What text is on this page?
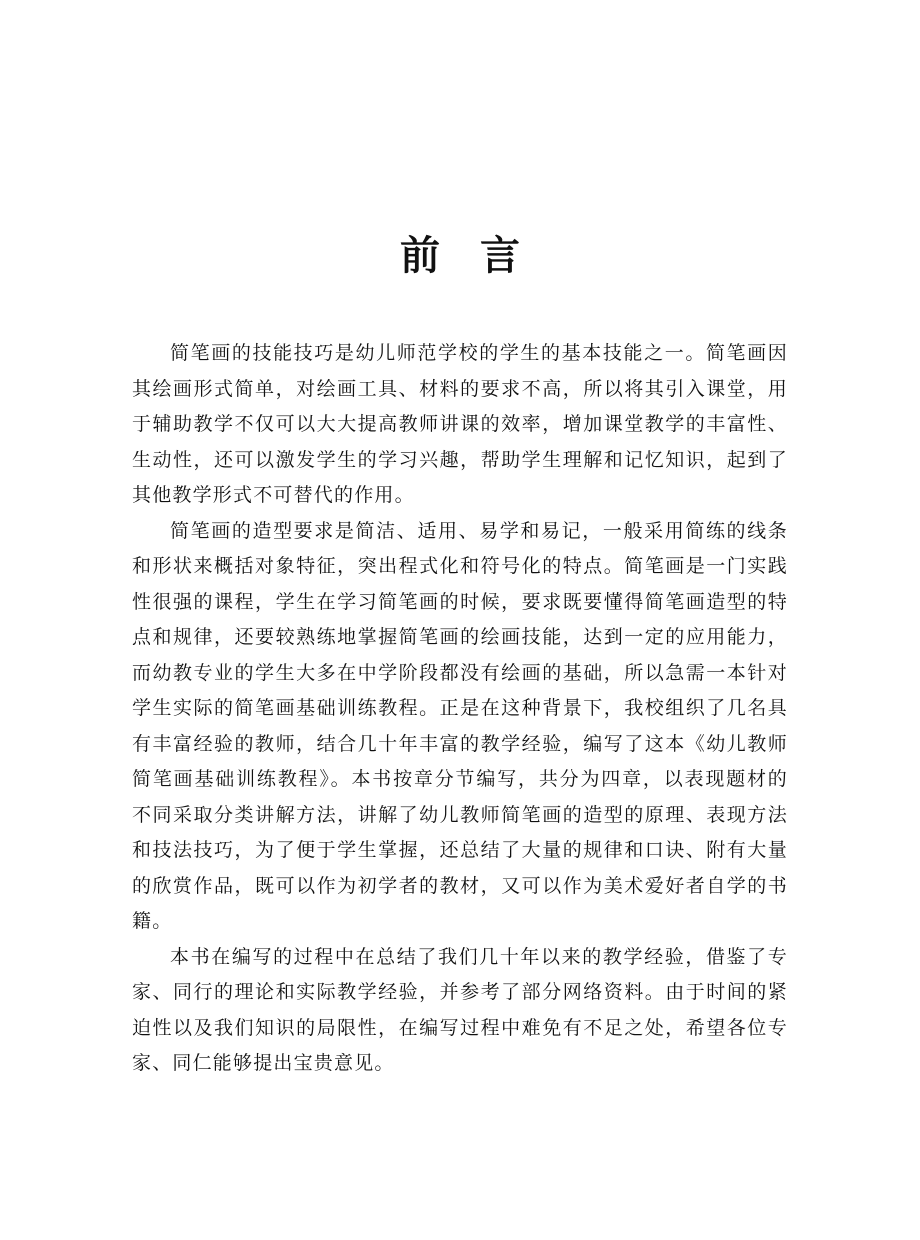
前言

简笔画的技能技巧是幼儿师范学校的学生的基本技能之一。简笔画因其绘画形式简单，对绘画工具、材料的要求不高，所以将其引入课堂，用于辅助教学不仅可以大大提高教师讲课的效率，增加课堂教学的丰富性、生动性，还可以激发学生的学习兴趣，帮助学生理解和记忆知识，起到了其他教学形式不可替代的作用。

简笔画的造型要求是简洁、适用、易学和易记，一般采用简练的线条和形状来概括对象特征，突出程式化和符号化的特点。简笔画是一门实践性很强的课程，学生在学习简笔画的时候，要求既要懂得简笔画造型的特点和规律，还要较熟练地掌握简笔画的绘画技能，达到一定的应用能力，而幼教专业的学生大多在中学阶段都没有绘画的基础，所以急需一本针对学生实际的简笔画基础训练教程。正是在这种背景下，我校组织了几名具有丰富经验的教师，结合几十年丰富的教学经验，编写了这本《幼儿教师简笔画基础训练教程》。本书按章分节编写，共分为四章，以表现题材的不同采取分类讲解方法，讲解了幼儿教师简笔画的造型的原理、表现方法和技法技巧，为了便于学生掌握，还总结了大量的规律和口诀、附有大量的欣赏作品，既可以作为初学者的教材，又可以作为美术爱好者自学的书籍。

本书在编写的过程中在总结了我们几十年以来的教学经验，借鉴了专家、同行的理论和实际教学经验，并参考了部分网络资料。由于时间的紧迫性以及我们知识的局限性，在编写过程中难免有不足之处，希望各位专家、同仁能够提出宝贵意见。
